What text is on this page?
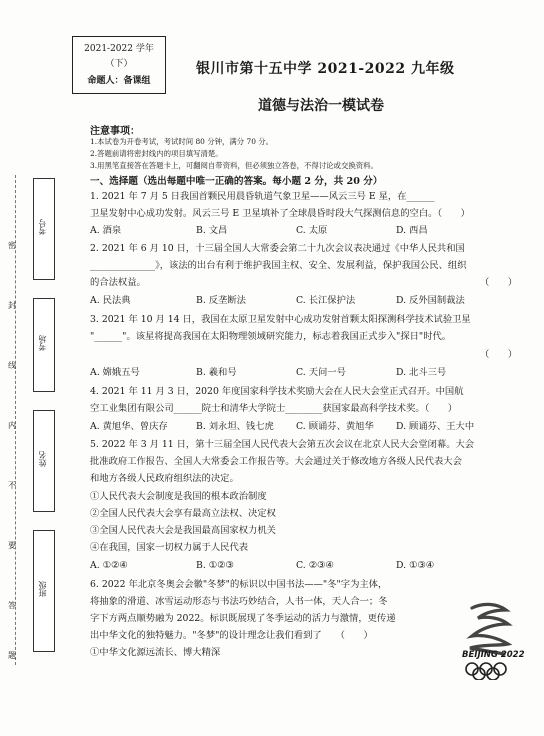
2021-2022 学年
（下）
命题人：备课组
银川市第十五中学 2021-2022 九年级
道德与法治一模试卷
注意事项：
1.本试卷为开卷考试，考试时间 80 分钟，满分 70 分。
2.答题前请将密封线内的项目填写清楚。
3.用黑笔直接答在答题卡上，可翻阅自带资料，但必须独立答卷，不得讨论或交换资料。
一、选择题（选出每题中唯一正确的答案。每小题 2 分，共 20 分）
1. 2021 年 7 月 5 日我国首颗民用晨昏轨道气象卫星——风云三号 E 星，在______
卫星发射中心成功发射。风云三号 E 卫星填补了全球晨昏时段大气探测信息的空白。（　　）
A. 酒泉	B. 文昌	C. 太原	D. 西昌
2. 2021 年 6 月 10 日，十三届全国人大常委会第二十九次会议表决通过《中华人民共和国
______________》，该法的出台有利于维护我国主权、安全、发展利益，保护我国公民、组织
的合法权益。	（　　）
A. 民法典	B. 反垄断法	C. 长江保护法	D. 反外国制裁法
3. 2021 年 10 月 14 日，我国在太原卫星发射中心成功发射首颗太阳探测科学技术试验卫星
"______"。该星将提高我国在太阳物理领域研究能力，标志着我国正式步入"探日"时代。
（　　）
A. 嫦娥五号	B. 羲和号	C. 天问一号	D. 北斗三号
4. 2021 年 11 月 3 日，2020 年度国家科学技术奖励大会在人民大会堂正式召开。中国航
空工业集团有限公司______院士和清华大学院士________获国家最高科学技术奖。（　　）
A. 黄旭华、曾庆存	B. 刘永坦、钱七虎 C. 顾诵芬、黄旭华 D. 顾诵芬、王大中
5. 2022 年 3 月 11 日，第十三届全国人民代表大会第五次会议在北京人民大会堂闭幕。大会
批准政府工作报告、全国人大常委会工作报告等。大会通过关于修改地方各级人民代表大会
和地方各级人民政府组织法的决定。
①人民代表大会制度是我国的根本政治制度
②全国人民代表大会享有最高立法权、决定权
③全国人民代表大会是我国最高国家权力机关
④在我国，国家一切权力属于人民代表
A. ①②④	B. ①②③	C. ②③④	D. ①③④
6. 2022 年北京冬奥会会徽"冬梦"的标识以中国书法——"冬"字为主体，
将抽象的滑道、冰雪运动形态与书法巧妙结合，人书一体，天人合一；冬
字下方两点顺势融为 2022。标识既展现了冬季运动的活力与激情，更传递
出中华文化的独特魅力。"冬梦"的设计理念让我们看到了　　（　　）
①中华文化源远流长、博大精深
密
封
线
内
不
要
答
题
考号
考场
姓名
班级
BEIJING 2022
